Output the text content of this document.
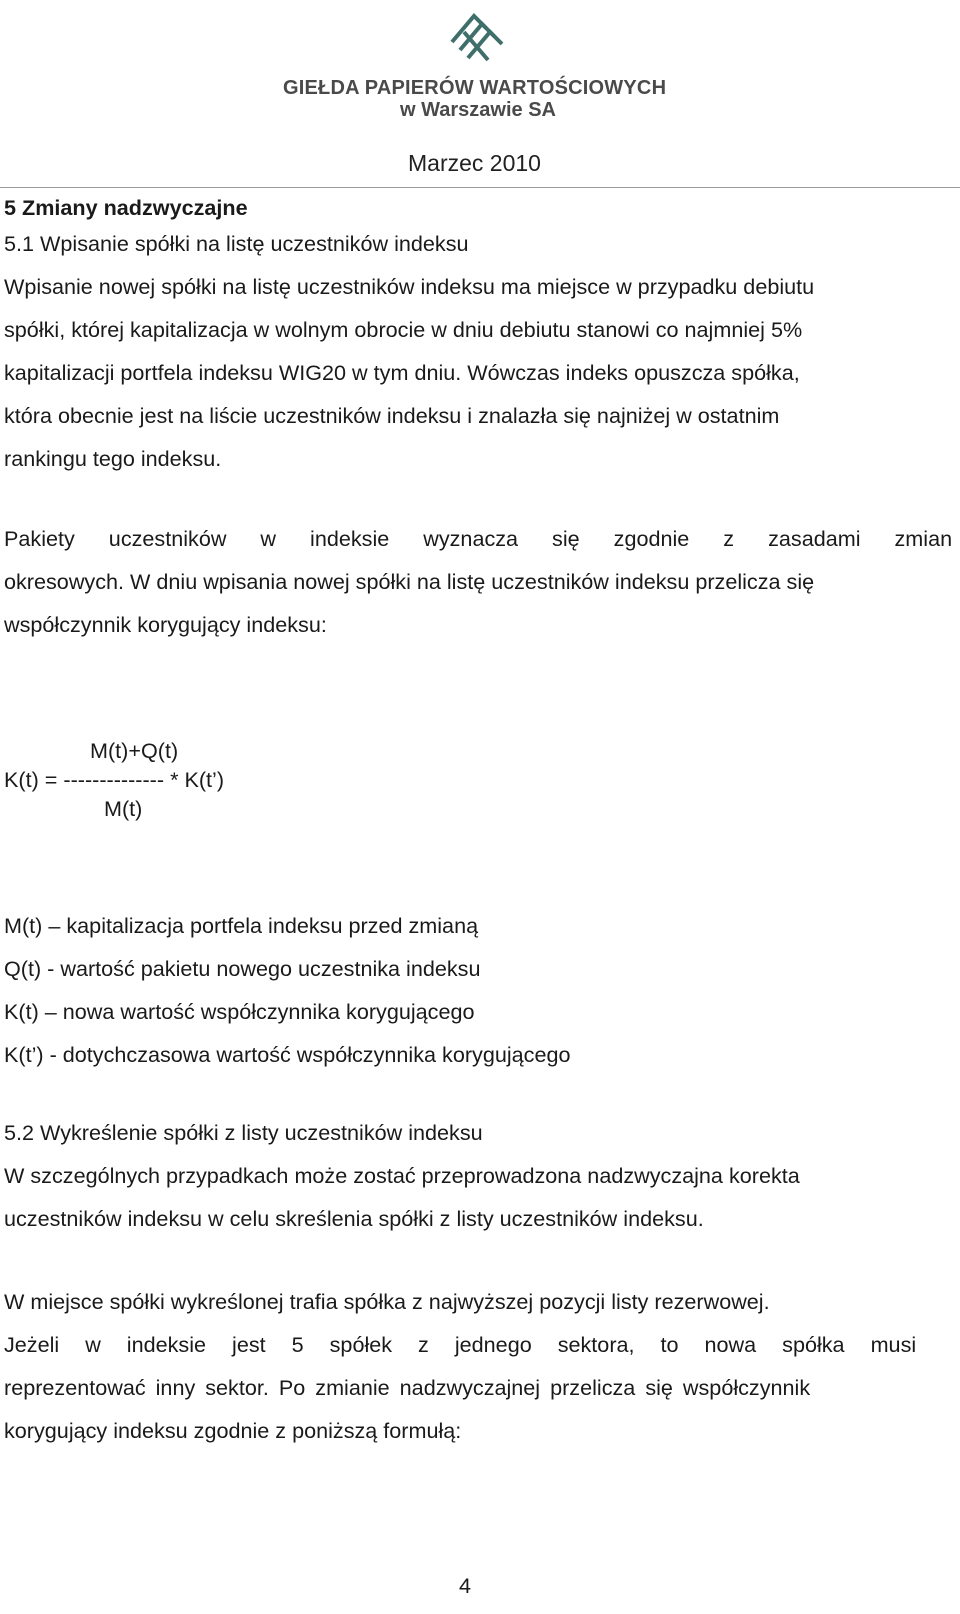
GIEŁDA PAPIERÓW WARTOŚCIOWYCH
w Warszawie SA
Marzec 2010
5 Zmiany nadzwyczajne
5.1 Wpisanie spółki na listę uczestników indeksu
Wpisanie nowej spółki na listę uczestników indeksu ma miejsce w przypadku debiutu
spółki, której kapitalizacja w wolnym obrocie w dniu debiutu stanowi co najmniej 5%
kapitalizacji portfela indeksu WIG20 w tym dniu. Wówczas indeks opuszcza spółka,
która obecnie jest na liście uczestników indeksu i znalazła się najniżej w ostatnim
rankingu tego indeksu.
Pakiety uczestników w indeksie wyznacza się zgodnie z zasadami zmian
okresowych. W dniu wpisania nowej spółki na listę uczestników indeksu przelicza się
współczynnik korygujący indeksu:
M(t)+Q(t)
K(t) = -------------- * K(t’)
M(t)
M(t) – kapitalizacja portfela indeksu przed zmianą
Q(t) - wartość pakietu nowego uczestnika indeksu
K(t) – nowa wartość współczynnika korygującego
K(t’) - dotychczasowa wartość współczynnika korygującego
5.2 Wykreślenie spółki z listy uczestników indeksu
W szczególnych przypadkach może zostać przeprowadzona nadzwyczajna korekta
uczestników indeksu w celu skreślenia spółki z listy uczestników indeksu.
W miejsce spółki wykreślonej trafia spółka z najwyższej pozycji listy rezerwowej.
Jeżeli w indeksie jest 5 spółek z jednego sektora, to nowa spółka musi
reprezentować inny sektor. Po zmianie nadzwyczajnej przelicza się współczynnik
korygujący indeksu zgodnie z poniższą formułą:
4
